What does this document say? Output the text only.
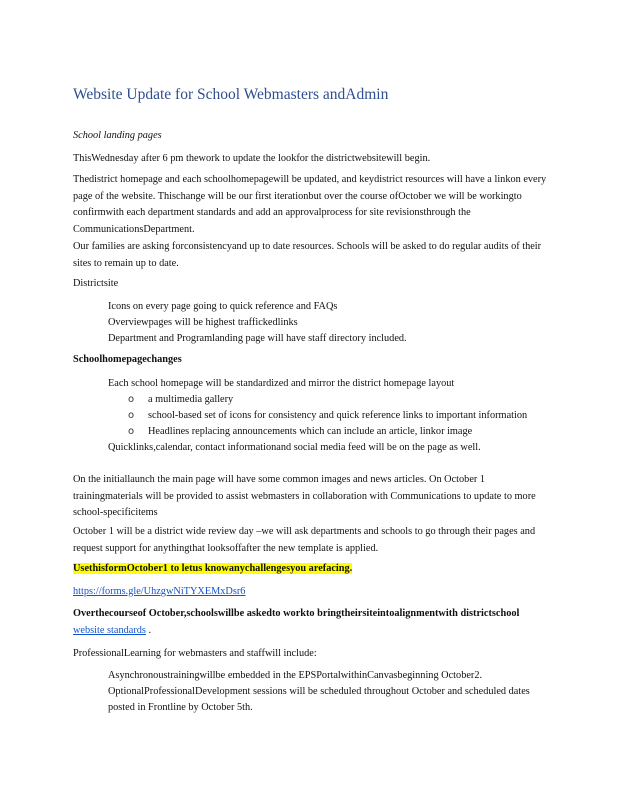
Website Update for School Webmasters andAdmin
School landing pages
ThisWednesday after 6 pm thework to update the lookfor the districtwebsitewill begin.
Thedistrict homepage and each schoolhomepagewill be updated, and keydistrict resources will have a linkon every page of the website. Thischange will be our first iterationbut over the course ofOctober we will be workingto confirmwith each department standards and add an approvalprocess for site revisionsthrough the CommunicationsDepartment.
Our families are asking forconsistencyand up to date resources. Schools will be asked to do regular audits of their sites to remain up to date.
Districtsite
Icons on every page going to quick reference and FAQs
Overviewpages will be highest traffickedlinks
Department and Programlanding page will have staff directory included.
Schoolhomepagechanges
Each school homepage will be standardized and mirror the district homepage layout
o	a multimedia gallery
o	school-based set of icons for consistency and quick reference links to important information
o	Headlines replacing announcements which can include an article, linkor image
Quicklinks,calendar, contact informationand social media feed will be on the page as well.
On the initiallaunch the main page will have some common images and news articles. On October 1 trainingmaterials will be provided to assist webmasters in collaboration with Communications to update to more school-specificitems
October 1 will be a district wide review day –we will ask departments and schools to go through their pages and request support for anythingthat looksoffafter the new template is applied.
UsethisformOctober1 to letus knowanychallengesyou arefacing.
https://forms.gle/UhzgwNiTYXEMxDsr6
Overthecourseof October,schoolswillbe askedto workto bringtheirsiteintoalignmentwith districtschool website standards .
ProfessionalLearning for webmasters and staffwill include:
Asynchronoustrainingwillbe embedded in the EPSPortalwithinCanvasbeginning October2.
OptionalProfessionalDevelopment sessions will be scheduled throughout October and scheduled dates posted in Frontline by October 5th.
